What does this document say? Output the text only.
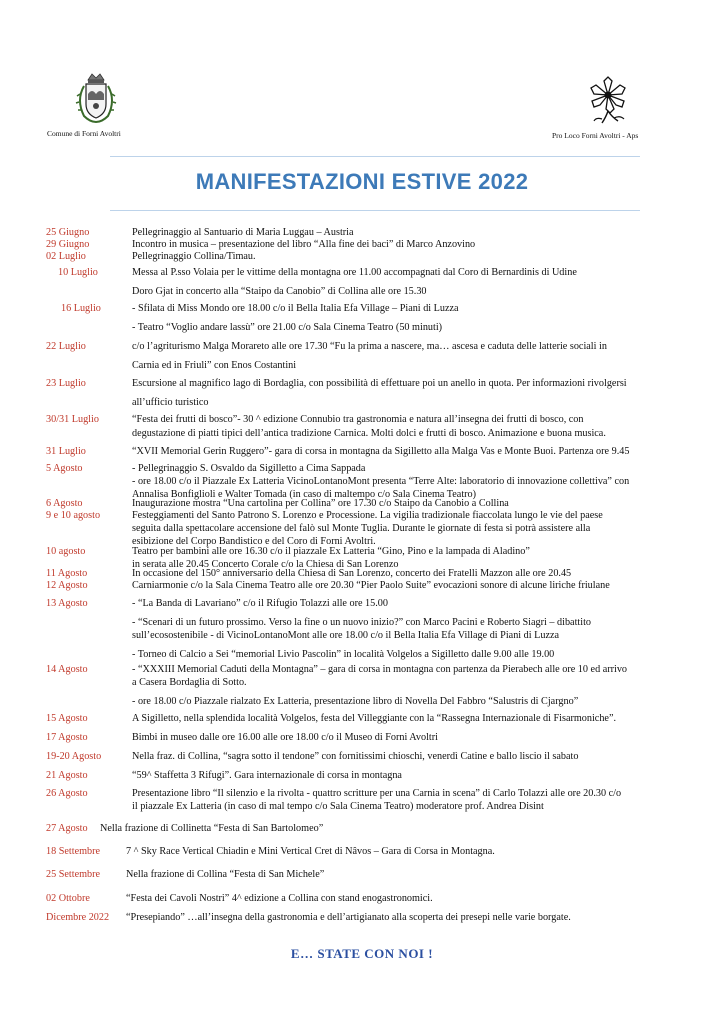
Comune di Forni Avoltri	Pro Loco Forni Avoltri - Aps
MANIFESTAZIONI ESTIVE 2022
25 Giugno	Pellegrinaggio al Santuario di Maria Luggau – Austria
29 Giugno	Incontro in musica – presentazione del libro “Alla fine dei baci” di Marco Anzovino
02 Luglio	Pellegrinaggio Collina/Timau.
10 Luglio	Messa al P.sso Volaia per le vittime della montagna ore 11.00 accompagnati dal Coro di Bernardinis di Udine
Doro Gjat in concerto alla “Staipo da Canobio” di Collina alle ore 15.30
16 Luglio	- Sfilata di Miss Mondo ore 18.00 c/o il Bella Italia Efa Village – Piani di Luzza
- Teatro “Voglio andare lassù” ore 21.00 c/o Sala Cinema Teatro (50 minuti)
22 Luglio	c/o l’agriturismo Malga Morareto alle ore 17.30 “Fu la prima a nascere, ma… ascesa e caduta delle latterie sociali in
Carnia ed in Friuli” con Enos Costantini
23 Luglio	Escursione al magnifico lago di Bordaglia, con possibilità di effettuare poi un anello in quota. Per informazioni rivolgersi
all’ufficio turistico
30/31 Luglio	“Festa dei frutti di bosco”- 30 ^ edizione Connubio tra gastronomia e natura all’insegna dei frutti di bosco, con
degustazione di piatti tipici dell’antica tradizione Carnica. Molti dolci e frutti di bosco. Animazione e buona musica.
31 Luglio	“XVII Memorial Gerin Ruggero”- gara di corsa in montagna da Sigilletto alla Malga Vas e Monte Buoi. Partenza ore 9.45
5 Agosto	- Pellegrinaggio S. Osvaldo da Sigilletto a Cima Sappada
- ore 18.00 c/o il Piazzale Ex Latteria VicinoLontanoMont presenta “Terre Alte: laboratorio di innovazione collettiva” con
Annalisa Bonfiglioli e Walter Tomada (in caso di maltempo c/o Sala Cinema Teatro)
6 Agosto	Inaugurazione mostra “Una cartolina per Collina” ore 17.30 c/o Staipo da Canobio a Collina
9 e 10 agosto	Festeggiamenti del Santo Patrono S. Lorenzo e Processione. La vigilia tradizionale fiaccolata lungo le vie del paese
seguita dalla spettacolare accensione del falò sul Monte Tuglia. Durante le giornate di festa si potrà assistere alla
esibizione del Corpo Bandistico e del Coro di Forni Avoltri.
10 agosto	Teatro per bambini alle ore 16.30 c/o il piazzale Ex Latteria “Gino, Pino e la lampada di Aladino”
in serata alle 20.45 Concerto Corale c/o la Chiesa di San Lorenzo
11 Agosto	In occasione del 150° anniversario della Chiesa di San Lorenzo, concerto dei Fratelli Mazzon alle ore 20.45
12 Agosto	Carniarmonie c/o la Sala Cinema Teatro alle ore 20.30 “Pier Paolo Suite” evocazioni sonore di alcune liriche friulane
13 Agosto	- “La Banda di Lavariano” c/o il Rifugio Tolazzi alle ore 15.00
- “Scenari di un futuro prossimo. Verso la fine o un nuovo inizio?” con Marco Pacini e Roberto Siagri – dibattito
sull’ecosostenibile - di VicinoLontanoMont alle ore 18.00 c/o il Bella Italia Efa Village di Piani di Luzza
- Torneo di Calcio a Sei “memorial Livio Pascolin” in località Volgelos a Sigilletto dalle 9.00 alle 19.00
14 Agosto	- “XXXIII Memorial Caduti della Montagna” – gara di corsa in montagna con partenza da Pierabech alle ore 10 ed arrivo
a Casera Bordaglia di Sotto.
- ore 18.00 c/o Piazzale rialzato Ex Latteria, presentazione libro di Novella Del Fabbro “Salustris di Cjargno”
15 Agosto	A Sigilletto, nella splendida località Volgelos, festa del Villeggiante con la “Rassegna Internazionale di Fisarmoniche”.
17 Agosto	Bimbi in museo dalle ore 16.00 alle ore 18.00 c/o il Museo di Forni Avoltri
19-20 Agosto	Nella fraz. di Collina, “sagra sotto il tendone” con fornitissimi chioschi, venerdì Catine e ballo liscio il sabato
21 Agosto	“59^ Staffetta 3 Rifugi”. Gara internazionale di corsa in montagna
26 Agosto	Presentazione libro “Il silenzio e la rivolta - quattro scritture per una Carnia in scena” di Carlo Tolazzi alle ore 20.30 c/o
il piazzale Ex Latteria (in caso di mal tempo c/o Sala Cinema Teatro) moderatore prof. Andrea Disint
27 Agosto Nella frazione di Collinetta “Festa di San Bartolomeo”
18 Settembre	7 ^ Sky Race Vertical Chiadin e Mini Vertical Cret di Nâvos – Gara di Corsa in Montagna.
25 Settembre	Nella frazione di Collina “Festa di San Michele”
02 Ottobre	“Festa dei Cavoli Nostri” 4^ edizione a Collina con stand enogastronomici.
Dicembre 2022 “Presepiando” …all’insegna della gastronomia e dell’artigianato alla scoperta dei presepi nelle varie borgate.
E… STATE CON NOI !
